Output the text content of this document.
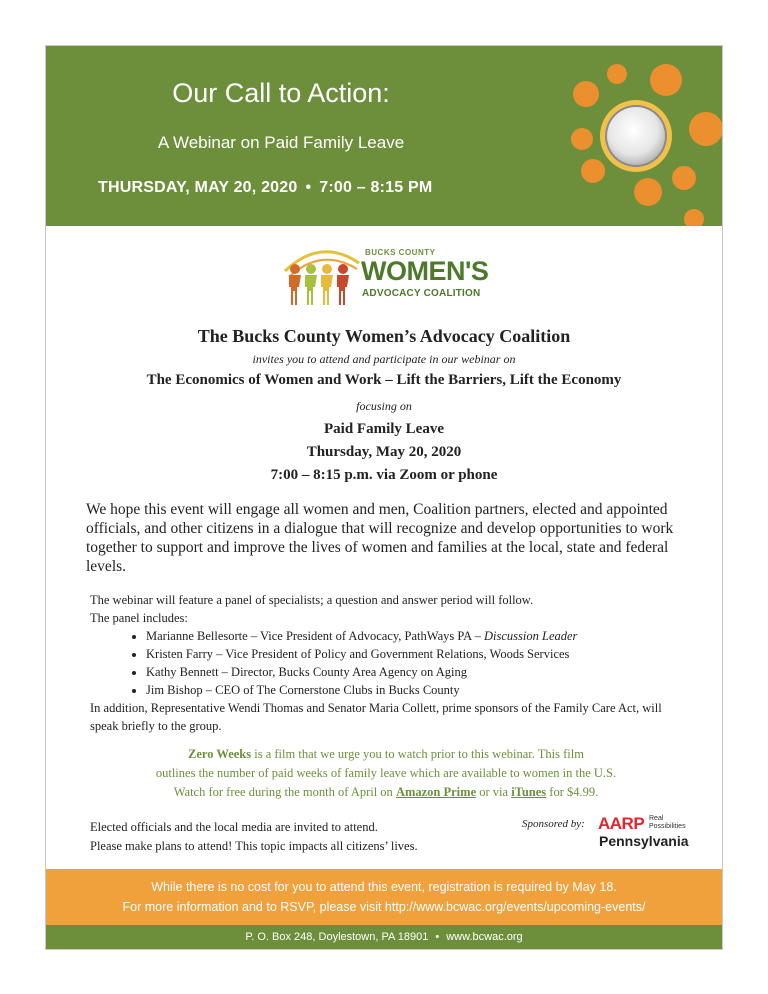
Our Call to Action:
A Webinar on Paid Family Leave
THURSDAY, MAY 20, 2020 • 7:00 – 8:15 PM
BUCKS COUNTY
WOMEN'S
ADVOCACY COALITION
The Bucks County Women’s Advocacy Coalition
invites you to attend and participate in our webinar on
The Economics of Women and Work – Lift the Barriers, Lift the Economy
focusing on
Paid Family Leave
Thursday, May 20, 2020
7:00 – 8:15 p.m. via Zoom or phone
We hope this event will engage all women and men, Coalition partners, elected and appointed officials, and other citizens in a dialogue that will recognize and develop opportunities to work together to support and improve the lives of women and families at the local, state and federal levels.

The webinar will feature a panel of specialists; a question and answer period will follow.

The panel includes:

• Marianne Bellesorte – Vice President of Advocacy, PathWays PA – Discussion Leader
• Kristen Farry – Vice President of Policy and Government Relations, Woods Services
• Kathy Bennett – Director, Bucks County Area Agency on Aging
• Jim Bishop – CEO of The Cornerstone Clubs in Bucks County

In addition, Representative Wendi Thomas and Senator Maria Collett, prime sponsors of the Family Care Act, will speak briefly to the group.

Zero Weeks is a film that we urge you to watch prior to this webinar. This film
outlines the number of paid weeks of family leave which are available to women in the U.S.
Watch for free during the month of April on Amazon Prime or via iTunes for $4.99.

Elected officials and the local media are invited to attend.

Please make plans to attend! This topic impacts all citizens’ lives.

Sponsored by: AARP Real
Possibilities
Pennsylvania
While there is no cost for you to attend this event, registration is required by May 18.
For more information and to RSVP, please visit http://www.bcwac.org/events/upcoming-events/
P. O. Box 248, Doylestown, PA 18901 • www.bcwac.org
